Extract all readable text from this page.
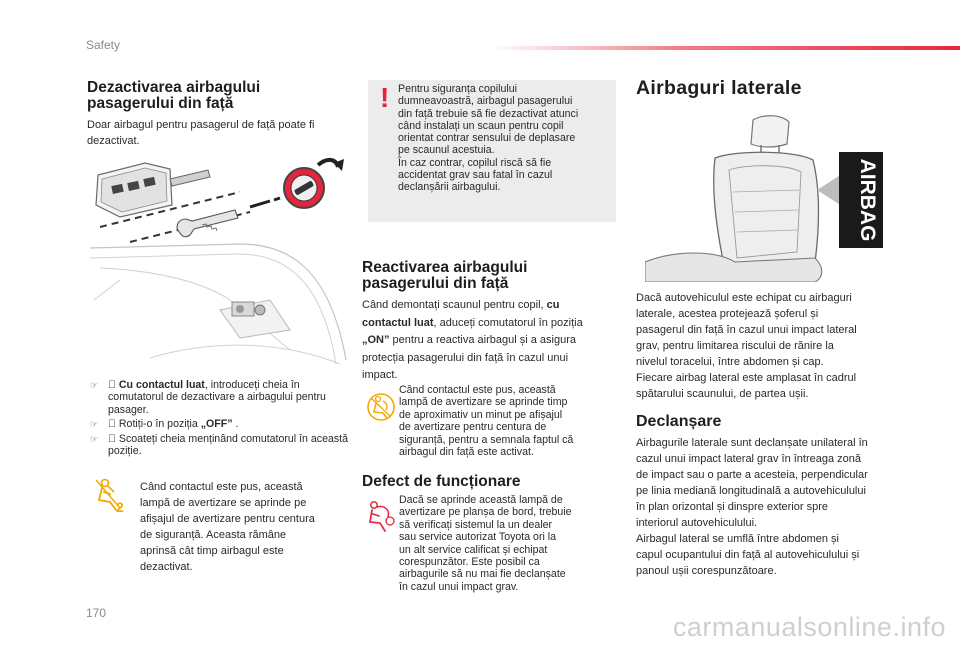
Safety
Dezactivarea airbagului
pasagerului din față
Doar airbagul pentru pasagerul de față poate fi
dezactivat.

☞ Cu contactul luat, introduceți cheia în comutatorul de dezactivare a airbagului pentru pasager.

☞ Rotiți-o în poziția „OFF” .

☞ Scoateți cheia menținând comutatorul în această poziție.
2
Când contactul este pus, această
lampă de avertizare se aprinde pe
afișajul de avertizare pentru centura
de siguranță. Aceasta rămâne
aprinsă cât timp airbagul este
dezactivat.
! Pentru siguranța copilului
dumneavoastră, airbagul pasagerului
din față trebuie să fie dezactivat atunci
când instalați un scaun pentru copil
orientat contrar sensului de deplasare
pe scaunul acestuia.
În caz contrar, copilul riscă să fie
accidentat grav sau fatal în cazul
declanșării airbagului.
Reactivarea airbagului
pasagerului din față
Când demontați scaunul pentru copil, cu
contactul luat, aduceți comutatorul în poziția
„ON” pentru a reactiva airbagul și a asigura
protecția pasagerului din față în cazul unui
impact.
Când contactul este pus, această
lampă de avertizare se aprinde timp
de aproximativ un minut pe afișajul
de avertizare pentru centura de
siguranță, pentru a semnala faptul că
airbagul din față este activat.
Defect de funcționare
Dacă se aprinde această lampă de
avertizare pe planșa de bord, trebuie
să verificați sistemul la un dealer
sau service autorizat Toyota ori la
un alt service calificat și echipat
corespunzător. Este posibil ca
airbagurile să nu mai fie declanșate
în cazul unui impact grav.
Airbaguri laterale
AIRBAG
Dacă autovehiculul este echipat cu airbaguri
laterale, acestea protejează șoferul și
pasagerul din față în cazul unui impact lateral
grav, pentru limitarea riscului de rănire la
nivelul toracelui, între abdomen și cap.
Fiecare airbag lateral este amplasat în cadrul
spătarului scaunului, de partea ușii.
Declanșare
Airbagurile laterale sunt declanșate unilateral în
cazul unui impact lateral grav în întreaga zonă
de impact sau o parte a acesteia, perpendicular
pe linia mediană longitudinală a autovehiculului
în plan orizontal și dinspre exterior spre
interiorul autovehiculului.
Airbagul lateral se umflă între abdomen și
capul ocupantului din față al autovehiculului și
panoul ușii corespunzătoare.
170	carmanualsonline.info
